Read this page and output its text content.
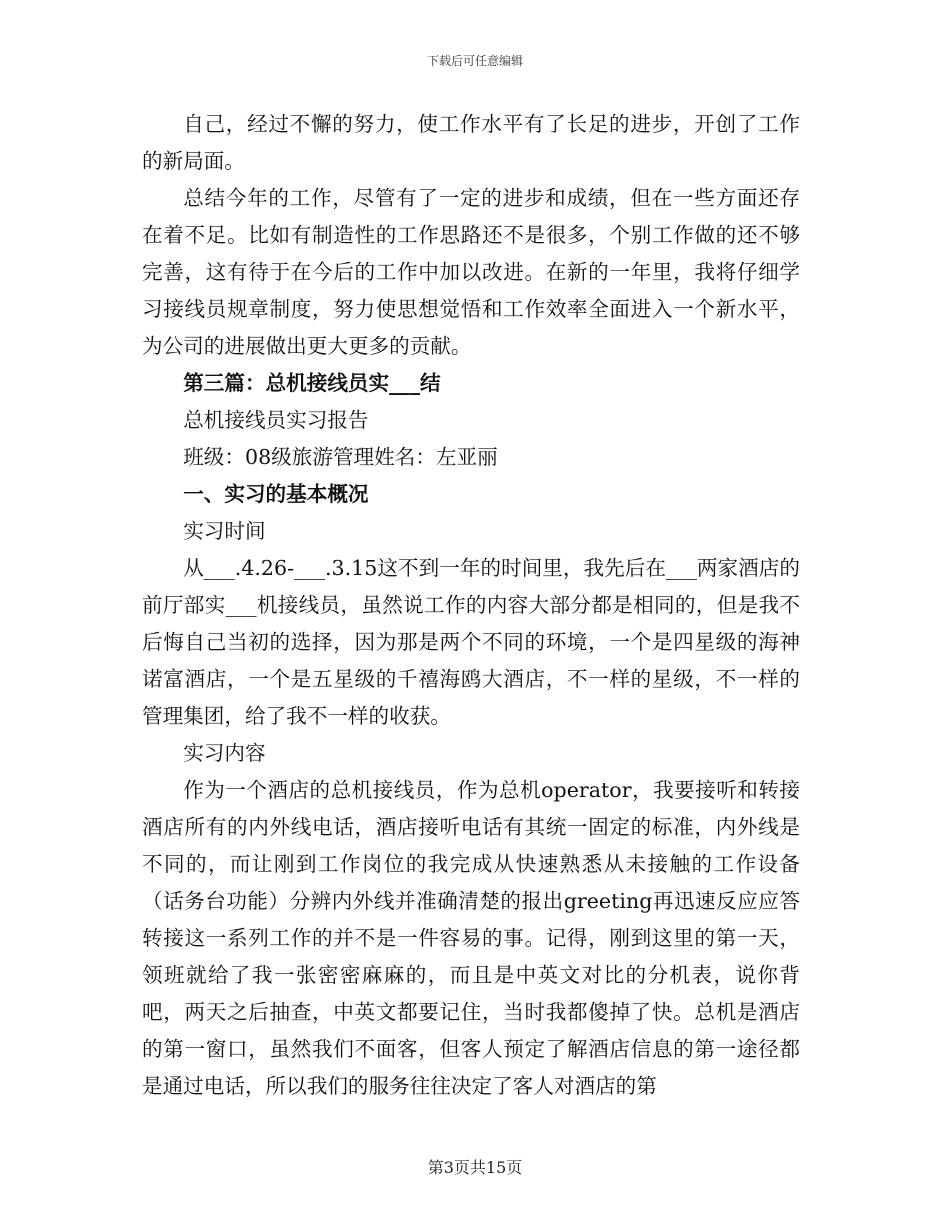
下载后可任意编辑

自己，经过不懈的努力，使工作水平有了长足的进步，开创了工作的新局面。

总结今年的工作，尽管有了一定的进步和成绩，但在一些方面还存在着不足。比如有制造性的工作思路还不是很多，个别工作做的还不够完善，这有待于在今后的工作中加以改进。在新的一年里，我将仔细学习接线员规章制度，努力使思想觉悟和工作效率全面进入一个新水平，为公司的进展做出更大更多的贡献。

第三篇：总机接线员实___结

总机接线员实习报告

班级：08级旅游管理姓名：左亚丽

一、实习的基本概况

实习时间

从___.4.26-___.3.15这不到一年的时间里，我先后在___两家酒店的前厅部实___机接线员，虽然说工作的内容大部分都是相同的，但是我不后悔自己当初的选择，因为那是两个不同的环境，一个是四星级的海神诺富酒店，一个是五星级的千禧海鸥大酒店，不一样的星级，不一样的管理集团，给了我不一样的收获。

实习内容

作为一个酒店的总机接线员，作为总机operator，我要接听和转接酒店所有的内外线电话，酒店接听电话有其统一固定的标准，内外线是不同的，而让刚到工作岗位的我完成从快速熟悉从未接触的工作设备（话务台功能）分辨内外线并准确清楚的报出greeting再迅速反应应答转接这一系列工作的并不是一件容易的事。记得，刚到这里的第一天，领班就给了我一张密密麻麻的，而且是中英文对比的分机表，说你背吧，两天之后抽查，中英文都要记住，当时我都傻掉了快。总机是酒店的第一窗口，虽然我们不面客，但客人预定了解酒店信息的第一途径都是通过电话，所以我们的服务往往决定了客人对酒店的第

第3页共15页
